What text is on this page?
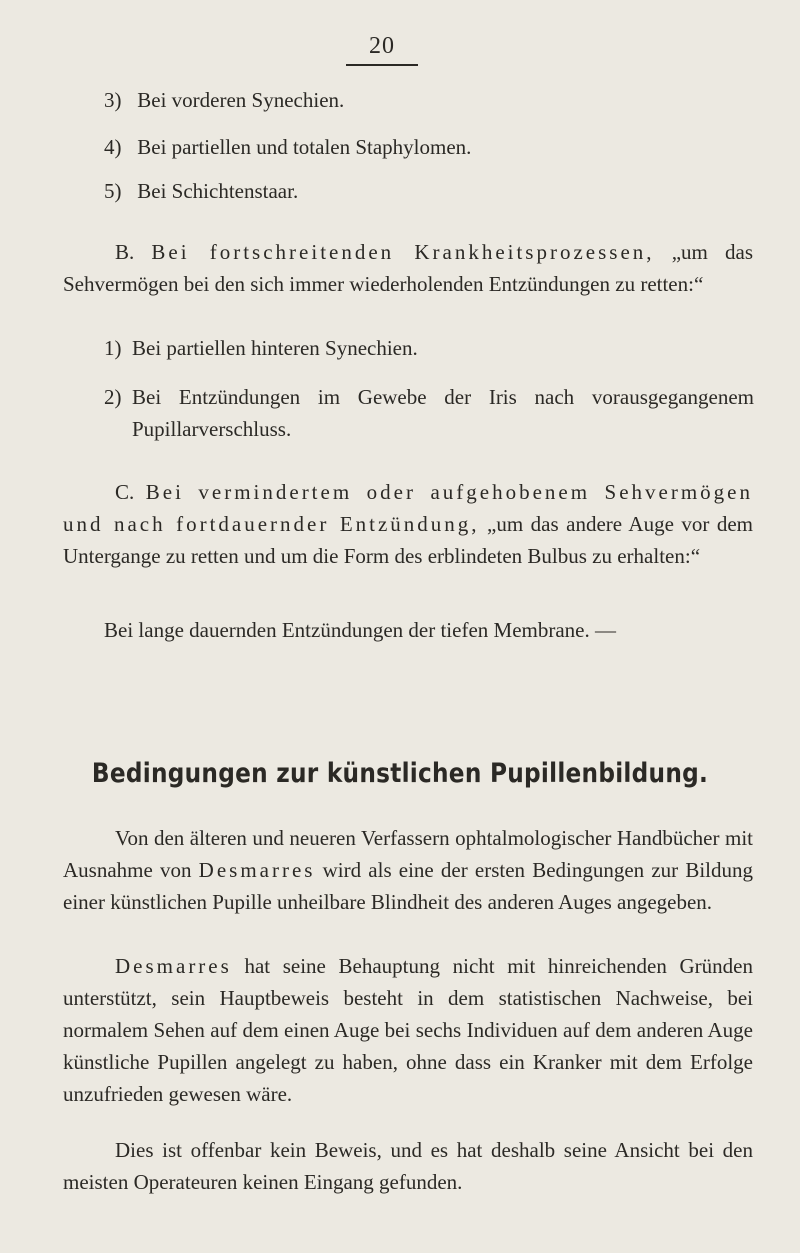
20
3) Bei vorderen Synechien.
4) Bei partiellen und totalen Staphylomen.
5) Bei Schichtenstaar.
B. Bei fortschreitenden Krankheitsprozessen, „um das Sehvermögen bei den sich immer wiederholenden Entzündungen zu retten:“
1) Bei partiellen hinteren Synechien.
2) Bei Entzündungen im Gewebe der Iris nach vorausgegangenem Pupillarverschluss.
C. Bei vermindertem oder aufgehobenem Sehvermögen und nach fortdauernder Entzündung, „um das andere Auge vor dem Untergange zu retten und um die Form des erblindeten Bulbus zu erhalten:“
Bei lange dauernden Entzündungen der tiefen Membrane. —
Bedingungen zur künstlichen Pupillenbildung.
Von den älteren und neueren Verfassern ophtalmologischer Handbücher mit Ausnahme von Desmarres wird als eine der ersten Bedingungen zur Bildung einer künstlichen Pupille unheilbare Blindheit des anderen Auges angegeben.
Desmarres hat seine Behauptung nicht mit hinreichenden Gründen unterstützt, sein Hauptbeweis besteht in dem statistischen Nachweise, bei normalem Sehen auf dem einen Auge bei sechs Individuen auf dem anderen Auge künstliche Pupillen angelegt zu haben, ohne dass ein Kranker mit dem Erfolge unzufrieden gewesen wäre.
Dies ist offenbar kein Beweis, und es hat deshalb seine Ansicht bei den meisten Operateuren keinen Eingang gefunden.
